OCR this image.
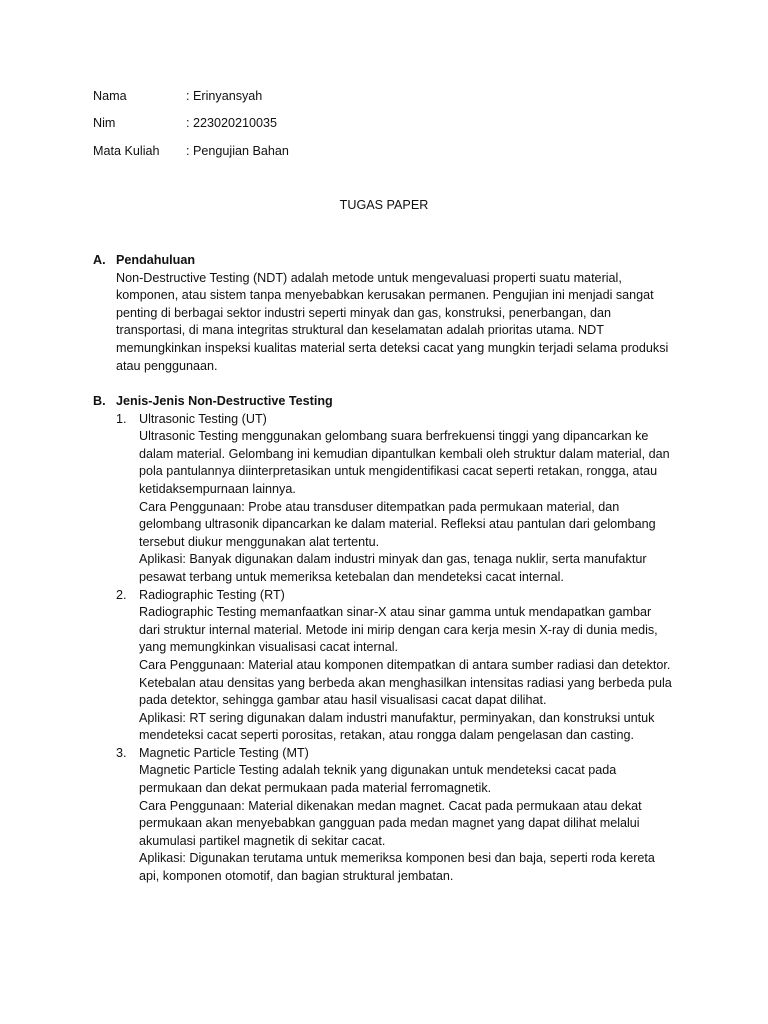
Nama	: Erinyansyah
Nim	: 223020210035
Mata Kuliah : Pengujian Bahan
TUGAS PAPER
A. Pendahuluan

Non-Destructive Testing (NDT) adalah metode untuk mengevaluasi properti suatu material, komponen, atau sistem tanpa menyebabkan kerusakan permanen. Pengujian ini menjadi sangat penting di berbagai sektor industri seperti minyak dan gas, konstruksi, penerbangan, dan transportasi, di mana integritas struktural dan keselamatan adalah prioritas utama. NDT memungkinkan inspeksi kualitas material serta deteksi cacat yang mungkin terjadi selama produksi atau penggunaan.

B. Jenis-Jenis Non-Destructive Testing
1. Ultrasonic Testing (UT)

Ultrasonic Testing menggunakan gelombang suara berfrekuensi tinggi yang dipancarkan ke dalam material. Gelombang ini kemudian dipantulkan kembali oleh struktur dalam material, dan pola pantulannya diinterpretasikan untuk mengidentifikasi cacat seperti retakan, rongga, atau ketidaksempurnaan lainnya.

Cara Penggunaan: Probe atau transduser ditempatkan pada permukaan material, dan gelombang ultrasonik dipancarkan ke dalam material. Refleksi atau pantulan dari gelombang tersebut diukur menggunakan alat tertentu.

Aplikasi: Banyak digunakan dalam industri minyak dan gas, tenaga nuklir, serta manufaktur pesawat terbang untuk memeriksa ketebalan dan mendeteksi cacat internal.

2. Radiographic Testing (RT)

Radiographic Testing memanfaatkan sinar-X atau sinar gamma untuk mendapatkan gambar dari struktur internal material. Metode ini mirip dengan cara kerja mesin X-ray di dunia medis, yang memungkinkan visualisasi cacat internal.

Cara Penggunaan: Material atau komponen ditempatkan di antara sumber radiasi dan detektor. Ketebalan atau densitas yang berbeda akan menghasilkan intensitas radiasi yang berbeda pula pada detektor, sehingga gambar atau hasil visualisasi cacat dapat dilihat.

Aplikasi: RT sering digunakan dalam industri manufaktur, perminyakan, dan konstruksi untuk mendeteksi cacat seperti porositas, retakan, atau rongga dalam pengelasan dan casting.

3. Magnetic Particle Testing (MT)

Magnetic Particle Testing adalah teknik yang digunakan untuk mendeteksi cacat pada permukaan dan dekat permukaan pada material ferromagnetik.

Cara Penggunaan: Material dikenakan medan magnet. Cacat pada permukaan atau dekat permukaan akan menyebabkan gangguan pada medan magnet yang dapat dilihat melalui akumulasi partikel magnetik di sekitar cacat.

Aplikasi: Digunakan terutama untuk memeriksa komponen besi dan baja, seperti roda kereta api, komponen otomotif, dan bagian struktural jembatan.
